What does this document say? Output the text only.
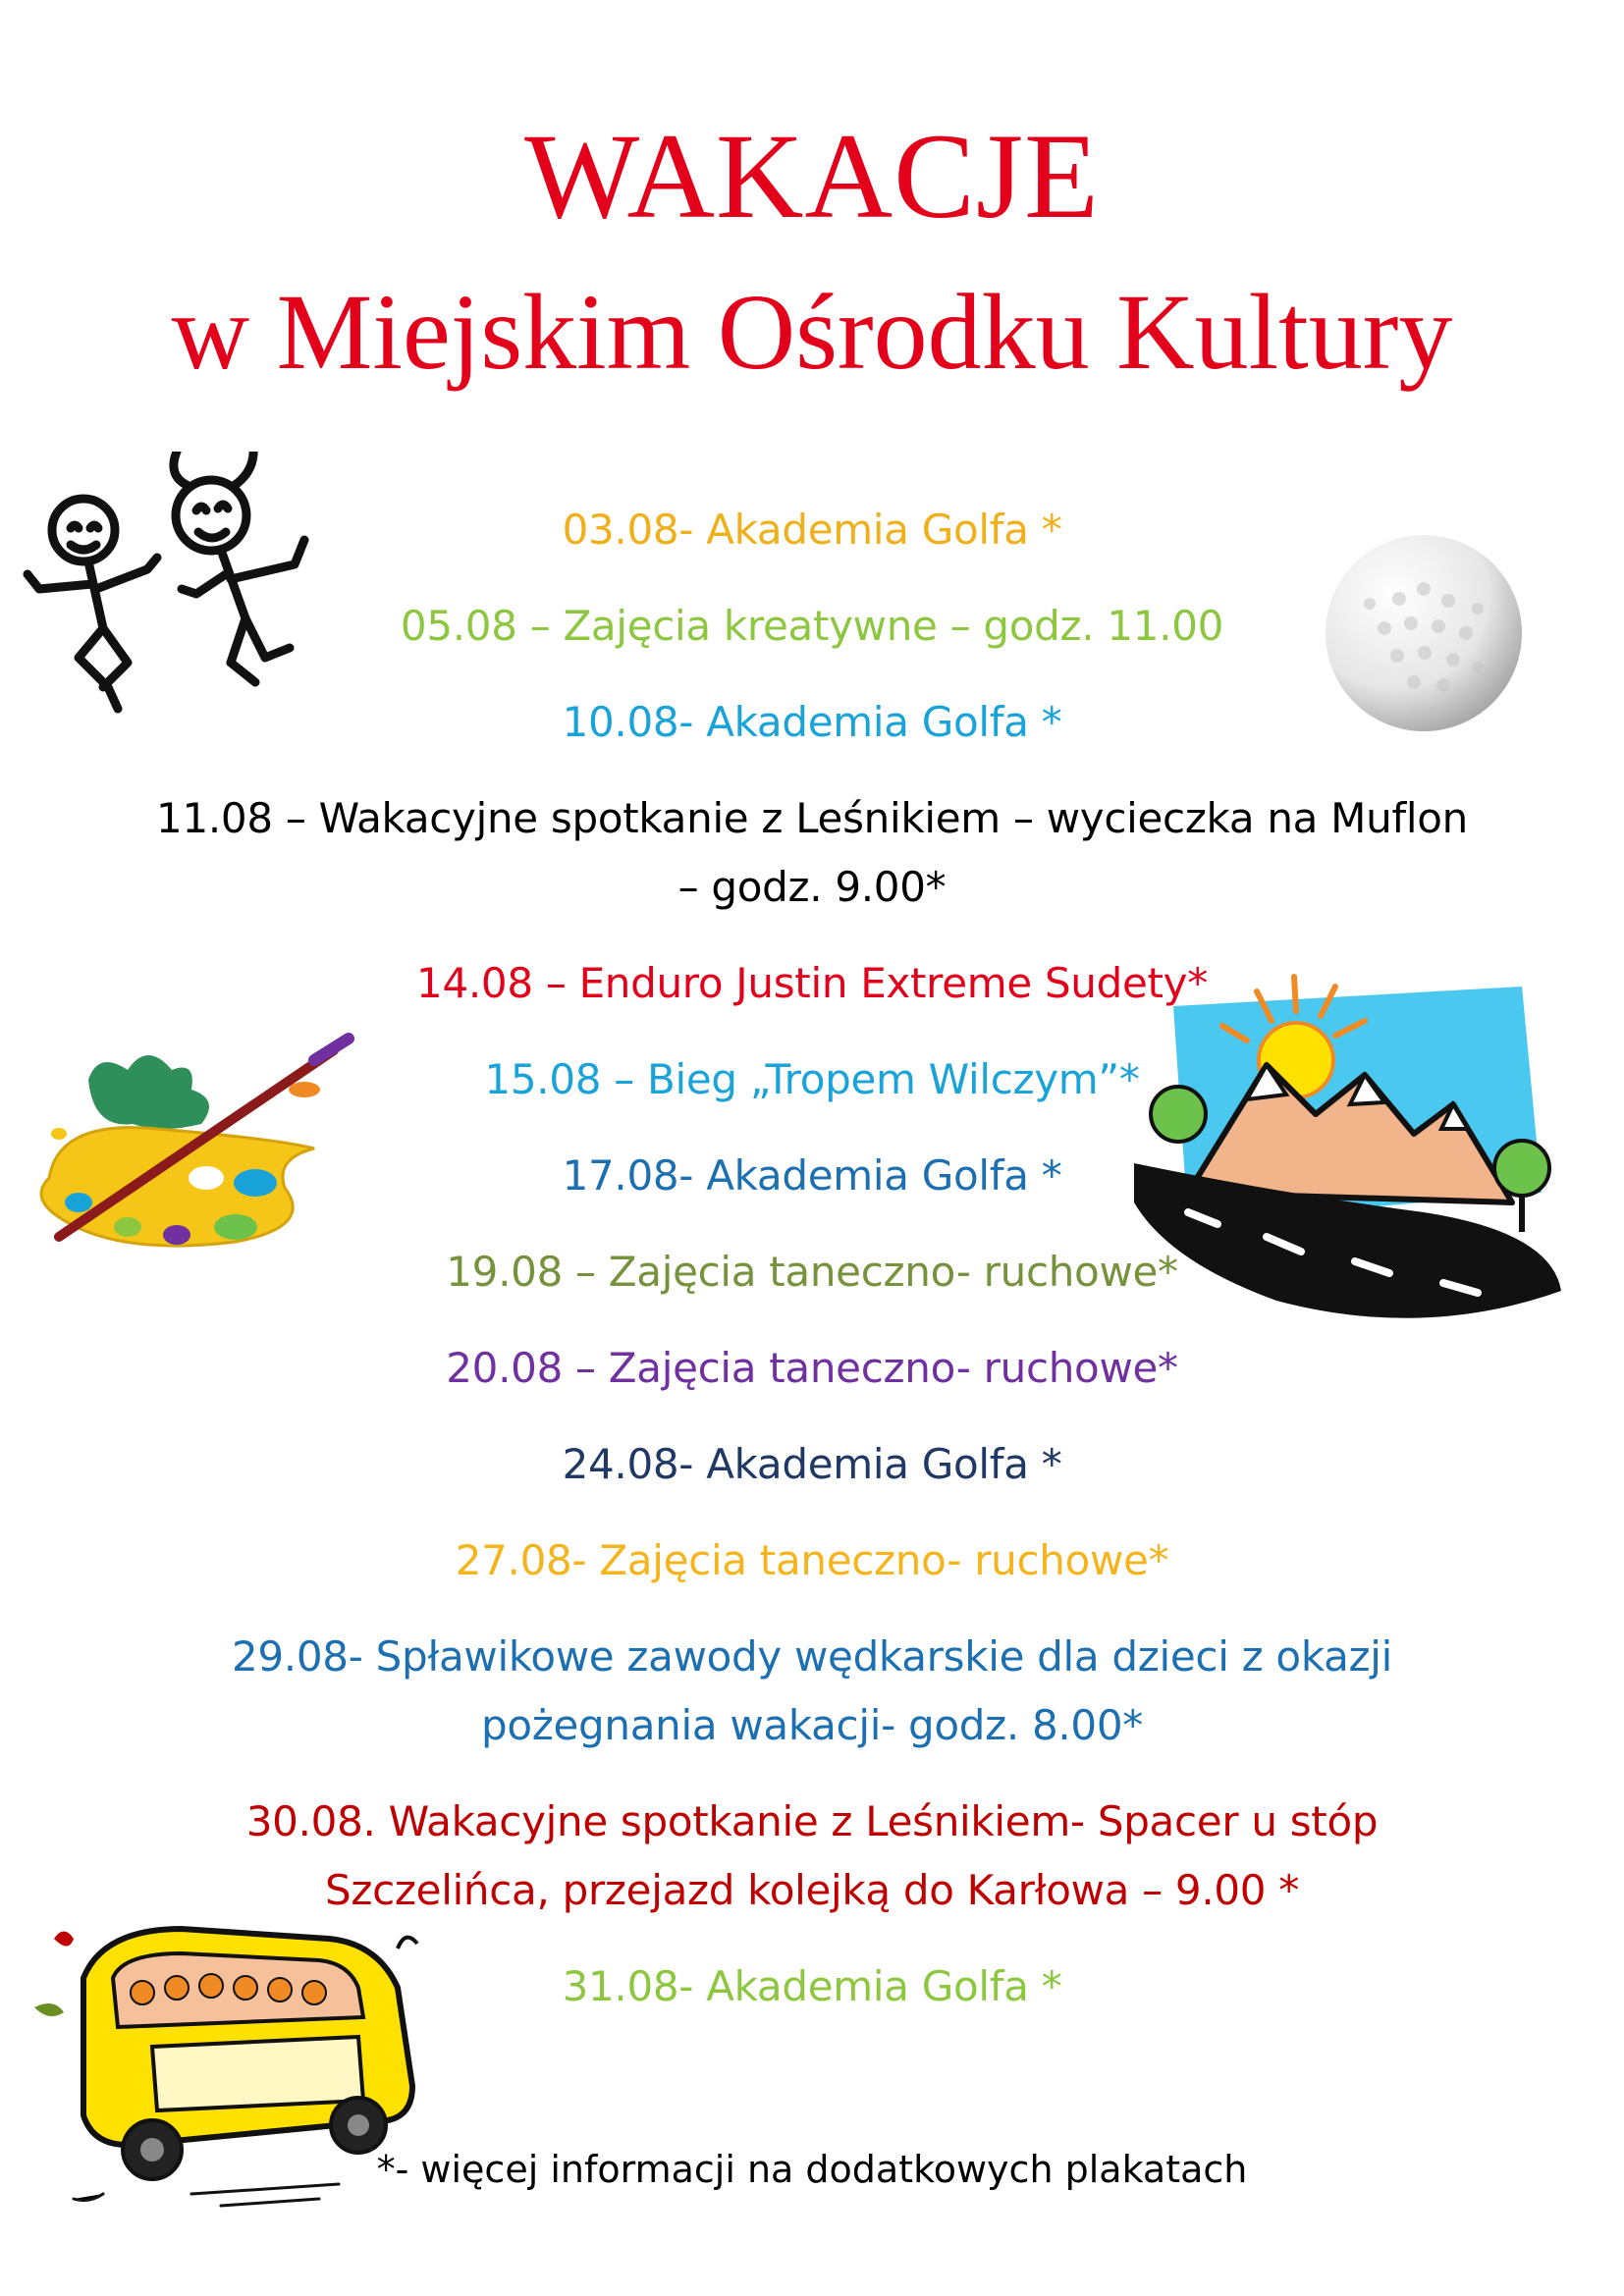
WAKACJE
w Miejskim Ośrodku Kultury
03.08- Akademia Golfa *
05.08 – Zajęcia kreatywne – godz. 11.00
10.08- Akademia Golfa *
11.08 – Wakacyjne spotkanie z Leśnikiem – wycieczka na Muflon – godz. 9.00*
14.08 – Enduro Justin Extreme Sudety*
15.08 – Bieg „Tropem Wilczym”*
17.08- Akademia Golfa *
19.08 – Zajęcia taneczno- ruchowe*
20.08 – Zajęcia taneczno- ruchowe*
24.08- Akademia Golfa *
27.08- Zajęcia taneczno- ruchowe*
29.08- Spławikowe zawody wędkarskie dla dzieci z okazji pożegnania wakacji- godz. 8.00*
30.08. Wakacyjne spotkanie z Leśnikiem- Spacer u stóp Szczelińca, przejazd kolejką do Karłowa – 9.00 *
31.08- Akademia Golfa *

*- więcej informacji na dodatkowych plakatach
